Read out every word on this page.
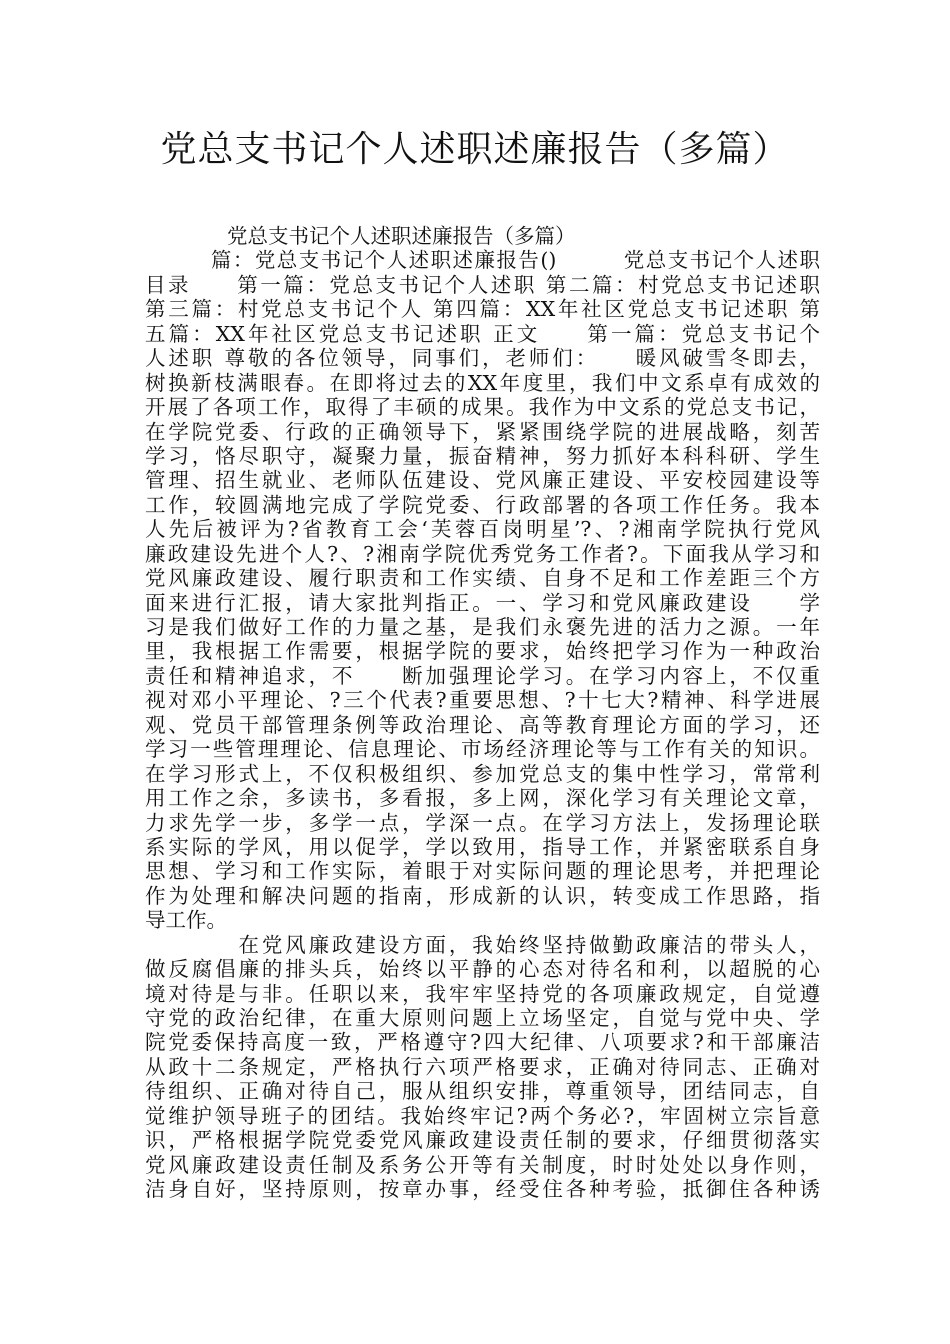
党总支书记个人述职述廉报告（多篇）
　　　　党总支书记个人述职述廉报告（多篇）
　　　篇：党总支书记个人述职述廉报告()　　　党总支书记个人述职
目录　　第一篇：党总支书记个人述职 第二篇：村党总支书记述职
第三篇：村党总支书记个人 第四篇：XX年社区党总支书记述职 第
五篇：XX年社区党总支书记述职 正文　　第一篇：党总支书记个
人述职 尊敬的各位领导，同事们，老师们：　　暖风破雪冬即去，
树换新枝满眼春。在即将过去的XX年度里，我们中文系卓有成效的
开展了各项工作，取得了丰硕的成果。我作为中文系的党总支书记，
在学院党委、行政的正确领导下，紧紧围绕学院的进展战略，刻苦
学习，恪尽职守，凝聚力量，振奋精神，努力抓好本科科研、学生
管理、招生就业、老师队伍建设、党风廉正建设、平安校园建设等
工作，较圆满地完成了学院党委、行政部署的各项工作任务。我本
人先后被评为?省教育工会‘芙蓉百岗明星’?、?湘南学院执行党风
廉政建设先进个人?、?湘南学院优秀党务工作者?。下面我从学习和
党风廉政建设、履行职责和工作实绩、自身不足和工作差距三个方
面来进行汇报，请大家批判指正。一、学习和党风廉政建设　　学
习是我们做好工作的力量之基，是我们永褒先进的活力之源。一年
里，我根据工作需要，根据学院的要求，始终把学习作为一种政治
责任和精神追求，不　　断加强理论学习。在学习内容上，不仅重
视对邓小平理论、?三个代表?重要思想、?十七大?精神、科学进展
观、党员干部管理条例等政治理论、高等教育理论方面的学习，还
学习一些管理理论、信息理论、市场经济理论等与工作有关的知识。
在学习形式上，不仅积极组织、参加党总支的集中性学习，常常利
用工作之余，多读书，多看报，多上网，深化学习有关理论文章，
力求先学一步，多学一点，学深一点。在学习方法上，发扬理论联
系实际的学风，用以促学，学以致用，指导工作，并紧密联系自身
思想、学习和工作实际，着眼于对实际问题的理论思考，并把理论
作为处理和解决问题的指南，形成新的认识，转变成工作思路，指
导工作。
　　　　在党风廉政建设方面，我始终坚持做勤政廉洁的带头人，
做反腐倡廉的排头兵，始终以平静的心态对待名和利，以超脱的心
境对待是与非。任职以来，我牢牢坚持党的各项廉政规定，自觉遵
守党的政治纪律，在重大原则问题上立场坚定，自觉与党中央、学
院党委保持高度一致，严格遵守?四大纪律、八项要求?和干部廉洁
从政十二条规定，严格执行六项严格要求，正确对待同志、正确对
待组织、正确对待自己，服从组织安排，尊重领导，团结同志，自
觉维护领导班子的团结。我始终牢记?两个务必?，牢固树立宗旨意
识，严格根据学院党委党风廉政建设责任制的要求，仔细贯彻落实
党风廉政建设责任制及系务公开等有关制度，时时处处以身作则，
洁身自好，坚持原则，按章办事，经受住各种考验，抵御住各种诱
